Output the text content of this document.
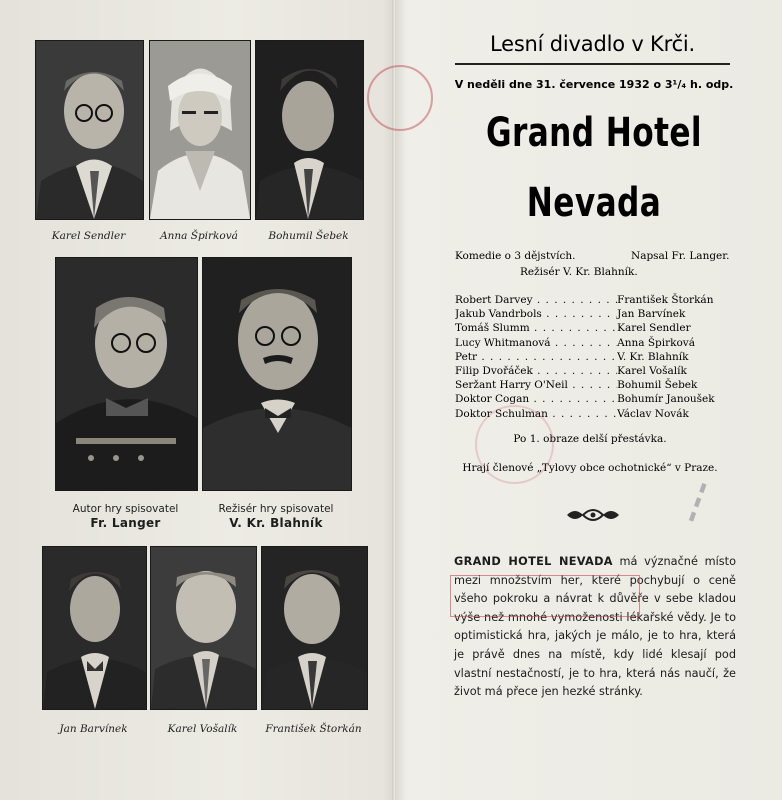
Karel Sendler	Anna Špirková	Bohumil Šebek
Autor hry spisovatel
Fr. Langer
Režisér hry spisovatel
V. Kr. Blahník
Jan Barvínek	Karel Vošalík	František Štorkán
Lesní divadlo v Krči.
V neděli dne 31. července 1932 o 3¹/₄ h. odp.
Grand Hotel
Nevada
Komedie o 3 dějstvích.	Napsal Fr. Langer.
Režisér V. Kr. Blahník.
Robert Darvey . . .	František Štorkán
Jakub Vandrbols . . .	Jan Barvínek
Tomáš Slumm . . .	Karel Sendler
Lucy Whitmanová . . .	Anna Špirková
Petr . . .	V. Kr. Blahník
Filip Dvořáček . . .	Karel Vošalík
Seržant Harry O'Neil . . .	Bohumil Šebek
Doktor Cogan . . .	Bohumír Janoušek
Doktor Schulman . . .	Václav Novák
Po 1. obraze delší přestávka.
Hrají členové „Tylovy obce ochotnické“ v Praze.
GRAND HOTEL NEVADA má význačné místo mezi množstvím her, které pochybují o ceně všeho pokroku a návrat k důvěře v sebe kladou výše než mnohé vymoženosti lékařské vědy. Je to optimistická hra, jakých je málo, je to hra, která je právě dnes na místě, kdy lidé klesají pod vlastní nestačností, je to hra, která nás naučí, že život má přece jen hezké stránky.
▬ ▬ ▬
